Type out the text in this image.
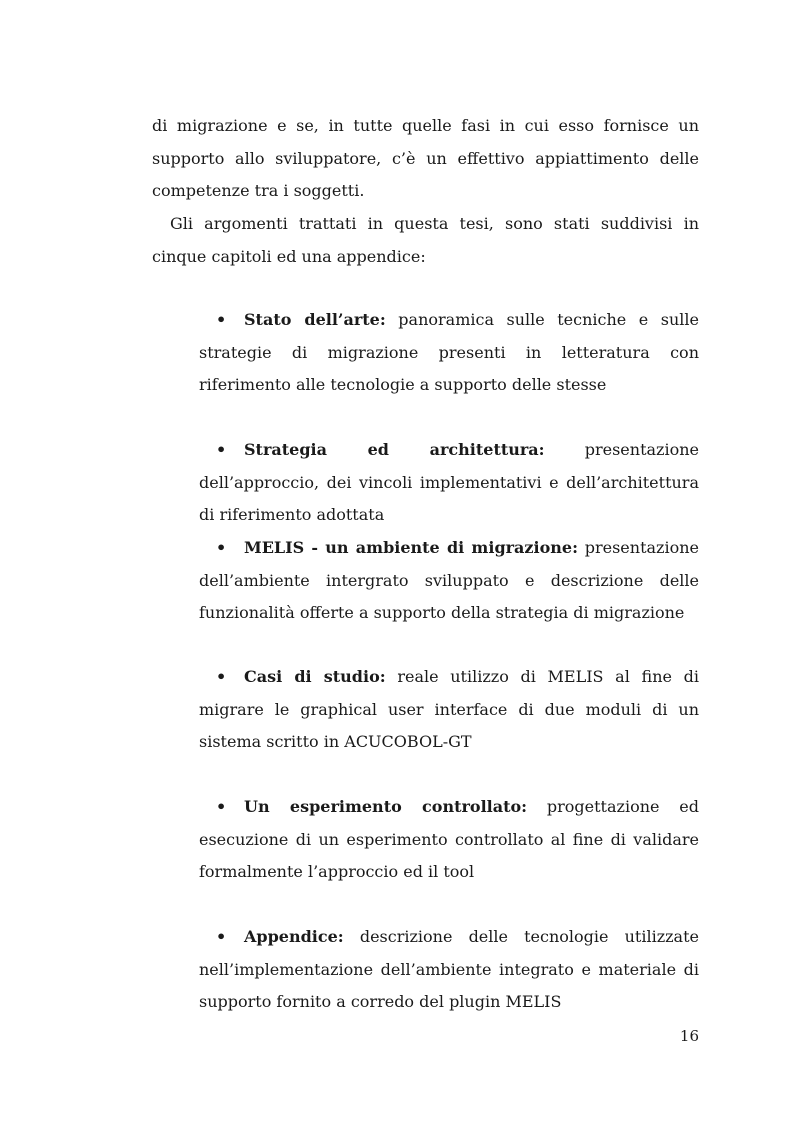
di migrazione e se, in tutte quelle fasi in cui esso fornisce un supporto allo sviluppatore, c’è un effettivo appiattimento delle competenze tra i soggetti.

Gli argomenti trattati in questa tesi, sono stati suddivisi in cinque capitoli ed una appendice:

• Stato dell’arte: panoramica sulle tecniche e sulle strategie di migrazione presenti in letteratura con riferimento alle tecnologie a supporto delle stesse

• Strategia ed architettura: presentazione dell’approccio, dei vincoli implementativi e dell’architettura di riferimento adottata

• MELIS - un ambiente di migrazione: presentazione dell’ambiente intergrato sviluppato e descrizione delle funzionalità offerte a supporto della strategia di migrazione

• Casi di studio: reale utilizzo di MELIS al fine di migrare le graphical user interface di due moduli di un sistema scritto in ACUCOBOL-GT

• Un esperimento controllato: progettazione ed esecuzione di un esperimento controllato al fine di validare formalmente l’approccio ed il tool

• Appendice: descrizione delle tecnologie utilizzate nell’implementazione dell’ambiente integrato e materiale di supporto fornito a corredo del plugin MELIS

16
